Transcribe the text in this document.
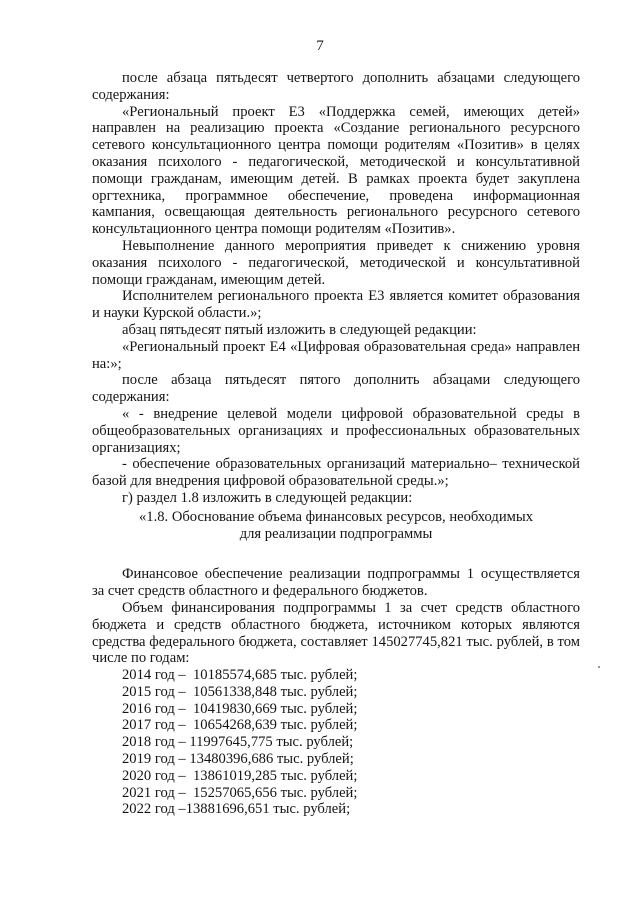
7

после абзаца пятьдесят четвертого дополнить абзацами следующего содержания:

«Региональный проект Е3 «Поддержка семей, имеющих детей» направлен на реализацию проекта «Создание регионального ресурсного сетевого консультационного центра помощи родителям «Позитив» в целях оказания психолого - педагогической, методической и консультативной помощи гражданам, имеющим детей. В рамках проекта будет закуплена оргтехника, программное обеспечение, проведена информационная кампания, освещающая деятельность регионального ресурсного сетевого консультационного центра помощи родителям «Позитив».

Невыполнение данного мероприятия приведет к снижению уровня оказания психолого - педагогической, методической и консультативной помощи гражданам, имеющим детей.

Исполнителем регионального проекта Е3 является комитет образования и науки Курской области.»;

абзац пятьдесят пятый изложить в следующей редакции:

«Региональный проект Е4 «Цифровая образовательная среда» направлен на:»;

после абзаца пятьдесят пятого дополнить абзацами следующего содержания:

« - внедрение целевой модели цифровой образовательной среды в общеобразовательных организациях и профессиональных образовательных организациях;

- обеспечение образовательных организаций материально– технической базой для внедрения цифровой образовательной среды.»;

г) раздел 1.8 изложить в следующей редакции:

«1.8. Обоснование объема финансовых ресурсов, необходимых
для реализации подпрограммы

Финансовое обеспечение реализации подпрограммы 1 осуществляется за счет средств областного и федерального бюджетов.

Объем финансирования подпрограммы 1 за счет средств областного бюджета и средств областного бюджета, источником которых являются средства федерального бюджета, составляет 145027745,821 тыс. рублей, в том числе по годам:

2014 год –  10185574,685 тыс. рублей;
2015 год –  10561338,848 тыс. рублей;
2016 год –  10419830,669 тыс. рублей;
2017 год –  10654268,639 тыс. рублей;
2018 год – 11997645,775 тыс. рублей;
2019 год – 13480396,686 тыс. рублей;
2020 год –  13861019,285 тыс. рублей;
2021 год –  15257065,656 тыс. рублей;
2022 год –13881696,651 тыс. рублей;
